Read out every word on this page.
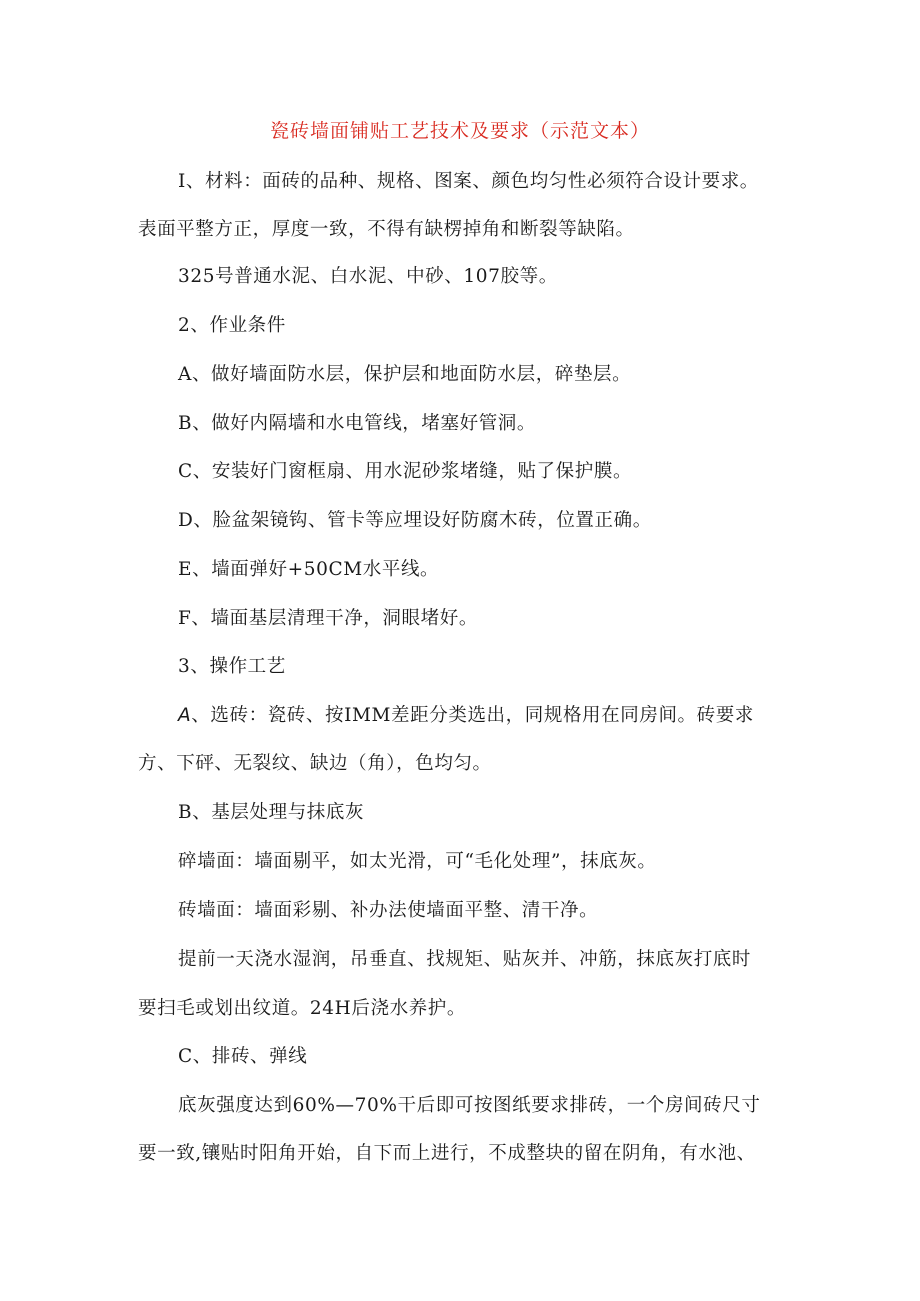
瓷砖墙面铺贴工艺技术及要求（示范文本）
I、材料：面砖的品种、规格、图案、颜色均匀性必须符合设计要求。
表面平整方正，厚度一致，不得有缺楞掉角和断裂等缺陷。
325号普通水泥、白水泥、中砂、107胶等。
2、作业条件
A、做好墙面防水层，保护层和地面防水层，碎垫层。
B、做好内隔墙和水电管线，堵塞好管洞。
C、安装好门窗框扇、用水泥砂浆堵缝，贴了保护膜。
D、脸盆架镜钩、管卡等应埋设好防腐木砖，位置正确。
E、墙面弹好+50CM水平线。
F、墙面基层清理干净，洞眼堵好。
3、操作工艺
A、选砖：瓷砖、按IMM差距分类选出，同规格用在同房间。砖要求
方、下砰、无裂纹、缺边（角），色均匀。
B、基层处理与抹底灰
碎墙面：墙面剔平，如太光滑，可“毛化处理”，抹底灰。
砖墙面：墙面彩剔、补办法使墙面平整、清干净。
提前一天浇水湿润，吊垂直、找规矩、贴灰并、冲筋，抹底灰打底时
要扫毛或划出纹道。24H后浇水养护。
C、排砖、弹线
底灰强度达到60%—70%干后即可按图纸要求排砖，一个房间砖尺寸
要一致,镶贴时阳角开始，自下而上进行，不成整块的留在阴角，有水池、
